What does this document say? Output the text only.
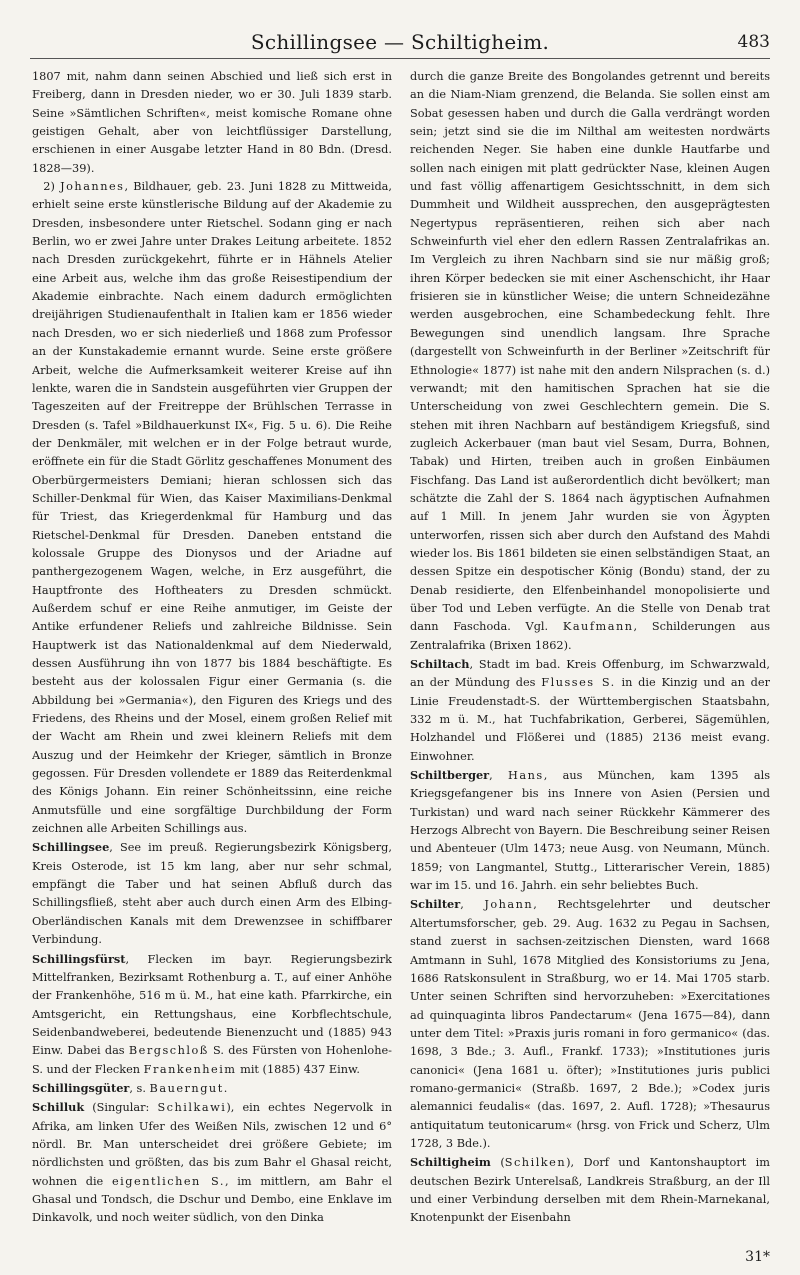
Schillingsee — Schiltigheim.	483

1807 mit, nahm dann seinen Abschied und ließ sich erst in Freiberg, dann in Dresden nieder, wo er 30. Juli 1839 starb. Seine »Sämtlichen Schriften«, meist komische Romane ohne geistigen Gehalt, aber von leichtflüssiger Darstellung, erschienen in einer Ausgabe letzter Hand in 80 Bdn. (Dresd. 1828—39).

2) Johannes, Bildhauer, geb. 23. Juni 1828 zu Mittweida, erhielt seine erste künstlerische Bildung auf der Akademie zu Dresden, insbesondere unter Rietschel. Sodann ging er nach Berlin, wo er zwei Jahre unter Drakes Leitung arbeitete. 1852 nach Dresden zurückgekehrt, führte er in Hähnels Atelier eine Arbeit aus, welche ihm das große Reisestipendium der Akademie einbrachte. Nach einem dadurch ermöglichten dreijährigen Studienaufenthalt in Italien kam er 1856 wieder nach Dresden, wo er sich niederließ und 1868 zum Professor an der Kunstakademie ernannt wurde. Seine erste größere Arbeit, welche die Aufmerksamkeit weiterer Kreise auf ihn lenkte, waren die in Sandstein ausgeführten vier Gruppen der Tageszeiten auf der Freitreppe der Brühlschen Terrasse in Dresden (s. Tafel »Bildhauerkunst IX«, Fig. 5 u. 6). Die Reihe der Denkmäler, mit welchen er in der Folge betraut wurde, eröffnete ein für die Stadt Görlitz geschaffenes Monument des Oberbürgermeisters Demiani; hieran schlossen sich das Schiller-Denkmal für Wien, das Kaiser Maximilians-Denkmal für Triest, das Kriegerdenkmal für Hamburg und das Rietschel-Denkmal für Dresden. Daneben entstand die kolossale Gruppe des Dionysos und der Ariadne auf panthergezogenem Wagen, welche, in Erz ausgeführt, die Hauptfronte des Hoftheaters zu Dresden schmückt. Außerdem schuf er eine Reihe anmutiger, im Geiste der Antike erfundener Reliefs und zahlreiche Bildnisse. Sein Hauptwerk ist das Nationaldenkmal auf dem Niederwald, dessen Ausführung ihn von 1877 bis 1884 beschäftigte. Es besteht aus der kolossalen Figur einer Germania (s. die Abbildung bei »Germania«), den Figuren des Kriegs und des Friedens, des Rheins und der Mosel, einem großen Relief mit der Wacht am Rhein und zwei kleinern Reliefs mit dem Auszug und der Heimkehr der Krieger, sämtlich in Bronze gegossen. Für Dresden vollendete er 1889 das Reiterdenkmal des Königs Johann. Ein reiner Schönheitssinn, eine reiche Anmutsfülle und eine sorgfältige Durchbildung der Form zeichnen alle Arbeiten Schillings aus.

Schillingsee, See im preuß. Regierungsbezirk Königsberg, Kreis Osterode, ist 15 km lang, aber nur sehr schmal, empfängt die Taber und hat seinen Abfluß durch das Schillingsfließ, steht aber auch durch einen Arm des Elbing-Oberländischen Kanals mit dem Drewenzsee in schiffbarer Verbindung.

Schillingsfürst, Flecken im bayr. Regierungsbezirk Mittelfranken, Bezirksamt Rothenburg a. T., auf einer Anhöhe der Frankenhöhe, 516 m ü. M., hat eine kath. Pfarrkirche, ein Amtsgericht, ein Rettungshaus, eine Korbflechtschule, Seidenbandweberei, bedeutende Bienenzucht und (1885) 943 Einw. Dabei das Bergschloß S. des Fürsten von Hohenlohe-S. und der Flecken Frankenheim mit (1885) 437 Einw.

Schillingsgüter, s. Bauerngut.

Schilluk (Singular: Schilkawi), ein echtes Negervolk in Afrika, am linken Ufer des Weißen Nils, zwischen 12 und 6° nördl. Br. Man unterscheidet drei größere Gebiete; im nördlichsten und größten, das bis zum Bahr el Ghasal reicht, wohnen die eigentlichen S., im mittlern, am Bahr el Ghasal und Tondsch, die Dschur und Dembo, eine Enklave im Dinkavolk, und noch weiter südlich, von den Dinka

durch die ganze Breite des Bongolandes getrennt und bereits an die Niam-Niam grenzend, die Belanda. Sie sollen einst am Sobat gesessen haben und durch die Galla verdrängt worden sein; jetzt sind sie die im Nilthal am weitesten nordwärts reichenden Neger. Sie haben eine dunkle Hautfarbe und sollen nach einigen mit platt gedrückter Nase, kleinen Augen und fast völlig affenartigem Gesichtsschnitt, in dem sich Dummheit und Wildheit aussprechen, den ausgeprägtesten Negertypus repräsentieren, reihen sich aber nach Schweinfurth viel eher den edlern Rassen Zentralafrikas an. Im Vergleich zu ihren Nachbarn sind sie nur mäßig groß; ihren Körper bedecken sie mit einer Aschenschicht, ihr Haar frisieren sie in künstlicher Weise; die untern Schneidezähne werden ausgebrochen, eine Schambedeckung fehlt. Ihre Bewegungen sind unendlich langsam. Ihre Sprache (dargestellt von Schweinfurth in der Berliner »Zeitschrift für Ethnologie« 1877) ist nahe mit den andern Nilsprachen (s. d.) verwandt; mit den hamitischen Sprachen hat sie die Unterscheidung von zwei Geschlechtern gemein. Die S. stehen mit ihren Nachbarn auf beständigem Kriegsfuß, sind zugleich Ackerbauer (man baut viel Sesam, Durra, Bohnen, Tabak) und Hirten, treiben auch in großen Einbäumen Fischfang. Das Land ist außerordentlich dicht bevölkert; man schätzte die Zahl der S. 1864 nach ägyptischen Aufnahmen auf 1 Mill. In jenem Jahr wurden sie von Ägypten unterworfen, rissen sich aber durch den Aufstand des Mahdi wieder los. Bis 1861 bildeten sie einen selbständigen Staat, an dessen Spitze ein despotischer König (Bondu) stand, der zu Denab residierte, den Elfenbeinhandel monopolisierte und über Tod und Leben verfügte. An die Stelle von Denab trat dann Faschoda. Vgl. Kaufmann, Schilderungen aus Zentralafrika (Brixen 1862).

Schiltach, Stadt im bad. Kreis Offenburg, im Schwarzwald, an der Mündung des Flusses S. in die Kinzig und an der Linie Freudenstadt-S. der Württembergischen Staatsbahn, 332 m ü. M., hat Tuchfabrikation, Gerberei, Sägemühlen, Holzhandel und Flößerei und (1885) 2136 meist evang. Einwohner.

Schiltberger, Hans, aus München, kam 1395 als Kriegsgefangener bis ins Innere von Asien (Persien und Turkistan) und ward nach seiner Rückkehr Kämmerer des Herzogs Albrecht von Bayern. Die Beschreibung seiner Reisen und Abenteuer (Ulm 1473; neue Ausg. von Neumann, Münch. 1859; von Langmantel, Stuttg., Litterarischer Verein, 1885) war im 15. und 16. Jahrh. ein sehr beliebtes Buch.

Schilter, Johann, Rechtsgelehrter und deutscher Altertumsforscher, geb. 29. Aug. 1632 zu Pegau in Sachsen, stand zuerst in sachsen-zeitzischen Diensten, ward 1668 Amtmann in Suhl, 1678 Mitglied des Konsistoriums zu Jena, 1686 Ratskonsulent in Straßburg, wo er 14. Mai 1705 starb. Unter seinen Schriften sind hervorzuheben: »Exercitationes ad quinquaginta libros Pandectarum« (Jena 1675—84), dann unter dem Titel: »Praxis juris romani in foro germanico« (das. 1698, 3 Bde.; 3. Aufl., Frankf. 1733); »Institutiones juris canonici« (Jena 1681 u. öfter); »Institutiones juris publici romano-germanici« (Straßb. 1697, 2 Bde.); »Codex juris alemannici feudalis« (das. 1697, 2. Aufl. 1728); »Thesaurus antiquitatum teutonicarum« (hrsg. von Frick und Scherz, Ulm 1728, 3 Bde.).

Schiltigheim (Schilken), Dorf und Kantonshauptort im deutschen Bezirk Unterelsaß, Landkreis Straßburg, an der Ill und einer Verbindung derselben mit dem Rhein-Marnekanal, Knotenpunkt der Eisenbahn

31*
